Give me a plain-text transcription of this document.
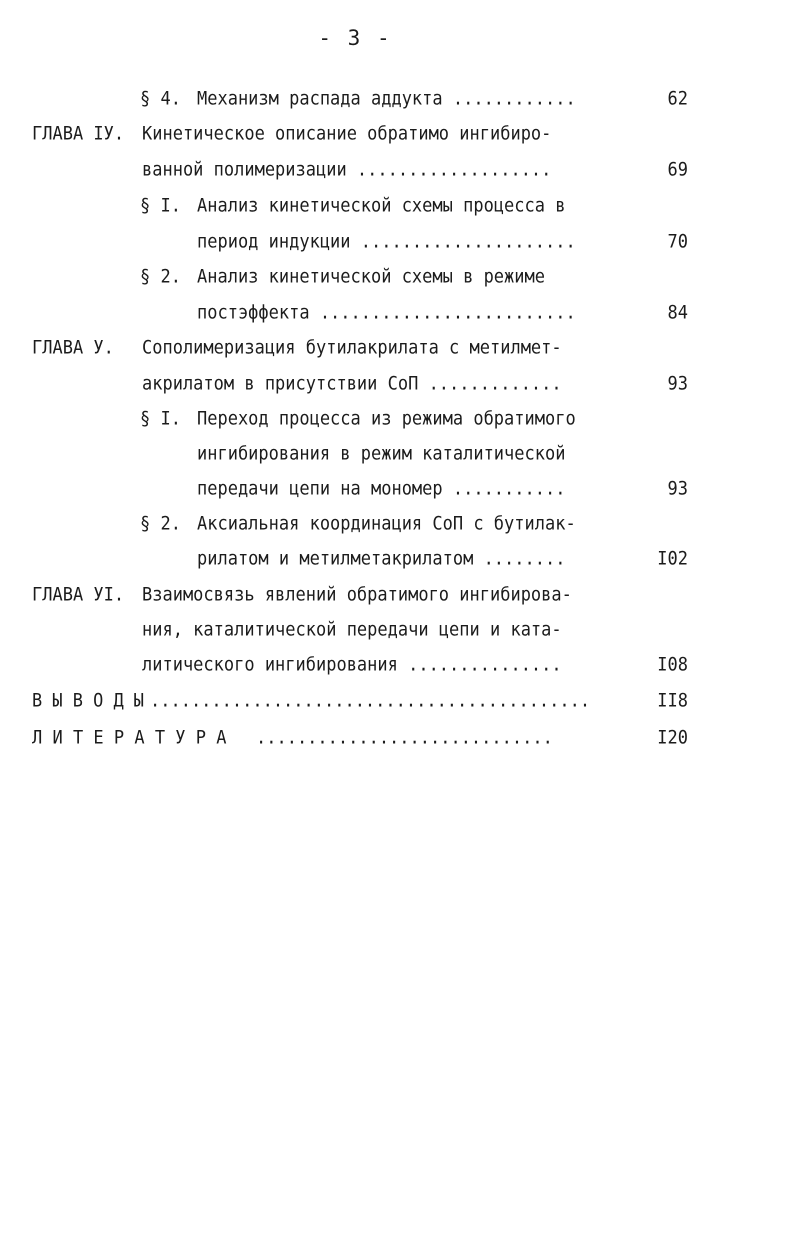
- 3 -
§ 4. Механизм распада аддукта ............	62
ГЛАВА IУ. Кинетическое описание обратимо ингибиро-
ванной полимеризации ...................	69
§ I. Анализ кинетической схемы процесса в
период индукции .....................	70
§ 2. Анализ кинетической схемы в режиме
постэффекта .........................	84
ГЛАВА У. Сополимеризация бутилакрилата с метилмет-
акрилатом в присутствии CoП .............	93
§ I. Переход процесса из режима обратимого
ингибирования в режим каталитической
передачи цепи на мономер ...........	93
§ 2. Аксиальная координация CoП с бутилак-
рилатом и метилметакрилатом ........	I02
ГЛАВА УI. Взаимосвязь явлений обратимого ингибирова-
ния, каталитической передачи цепи и ката-
литического ингибирования ...............	I08
В Ы В О Д Ы ...........................................	II8
Л И Т Е Р А Т У Р А .............................	I20
